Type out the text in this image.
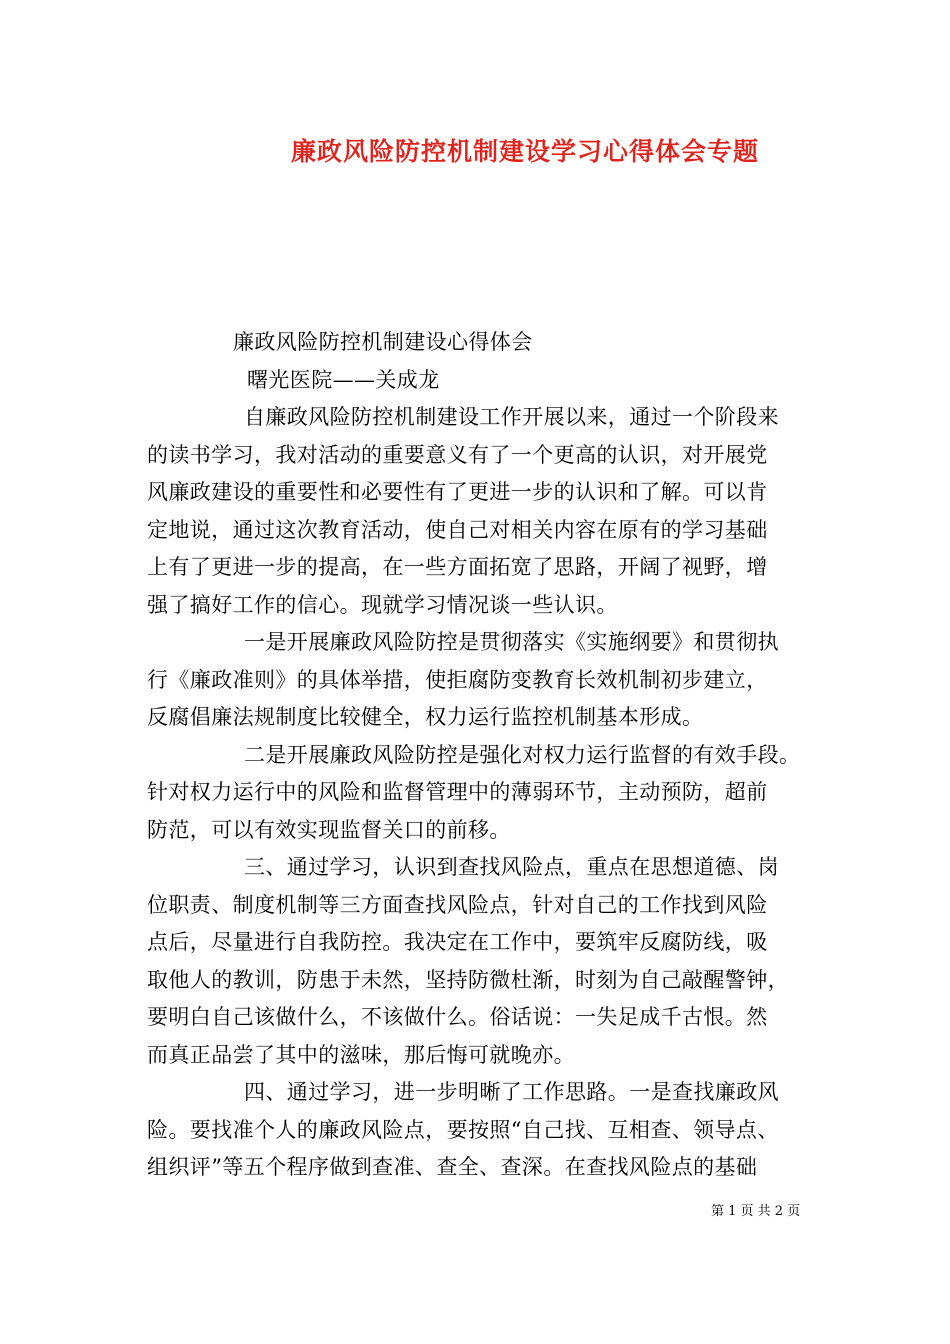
廉政风险防控机制建设学习心得体会专题
廉政风险防控机制建设心得体会
曙光医院——关成龙
自廉政风险防控机制建设工作开展以来，通过一个阶段来
的读书学习，我对活动的重要意义有了一个更高的认识，对开展党
风廉政建设的重要性和必要性有了更进一步的认识和了解。可以肯
定地说，通过这次教育活动，使自己对相关内容在原有的学习基础
上有了更进一步的提高，在一些方面拓宽了思路，开阔了视野，增
强了搞好工作的信心。现就学习情况谈一些认识。
一是开展廉政风险防控是贯彻落实《实施纲要》和贯彻执
行《廉政准则》的具体举措，使拒腐防变教育长效机制初步建立，
反腐倡廉法规制度比较健全，权力运行监控机制基本形成。
二是开展廉政风险防控是强化对权力运行监督的有效手段。
针对权力运行中的风险和监督管理中的薄弱环节，主动预防，超前
防范，可以有效实现监督关口的前移。
三、通过学习，认识到查找风险点，重点在思想道德、岗
位职责、制度机制等三方面查找风险点，针对自己的工作找到风险
点后，尽量进行自我防控。我决定在工作中，要筑牢反腐防线，吸
取他人的教训，防患于未然，坚持防微杜渐，时刻为自己敲醒警钟，
要明白自己该做什么，不该做什么。俗话说：一失足成千古恨。然
而真正品尝了其中的滋味，那后悔可就晚亦。
四、通过学习，进一步明晰了工作思路。一是查找廉政风
险。要找准个人的廉政风险点，要按照“自己找、互相查、领导点、
组织评”等五个程序做到查准、查全、查深。在查找风险点的基础
第 1 页 共 2 页
